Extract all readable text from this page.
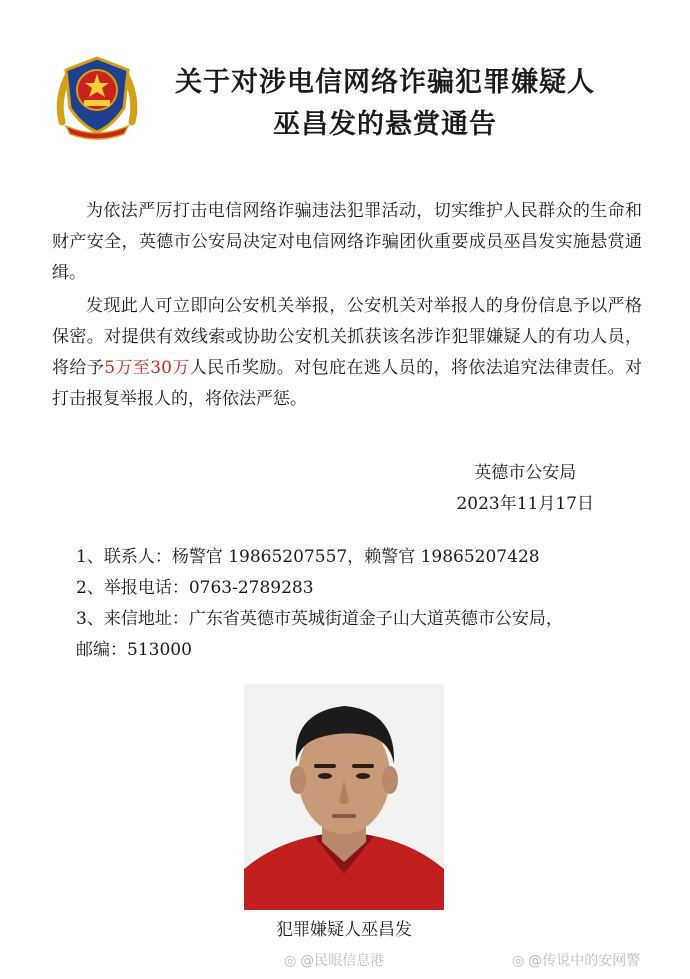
关于对涉电信网络诈骗犯罪嫌疑人
巫昌发的悬赏通告

为依法严厉打击电信网络诈骗违法犯罪活动，切实维护人民群众的生命和财产安全，英德市公安局决定对电信网络诈骗团伙重要成员巫昌发实施悬赏通缉。

发现此人可立即向公安机关举报，公安机关对举报人的身份信息予以严格保密。对提供有效线索或协助公安机关抓获该名涉诈犯罪嫌疑人的有功人员，将给予5万至30万人民币奖励。对包庇在逃人员的，将依法追究法律责任。对打击报复举报人的，将依法严惩。

英德市公安局
2023年11月17日
1、联系人：杨警官 19865207557，赖警官 19865207428
2、举报电话：0763-2789283
3、来信地址：广东省英德市英城街道金子山大道英德市公安局，
邮编：513000
犯罪嫌疑人巫昌发
◎ @民眼信息港	◎ @传说中的安网警
